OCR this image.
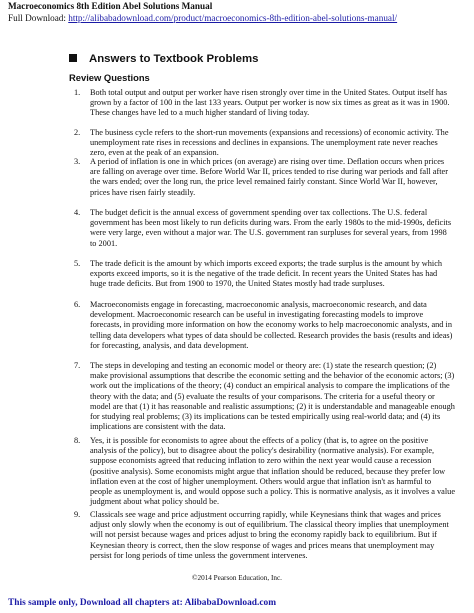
Macroeconomics 8th Edition Abel Solutions Manual
Full Download: http://alibabadownload.com/product/macroeconomics-8th-edition-abel-solutions-manual/
Answers to Textbook Problems
Review Questions
1. Both total output and output per worker have risen strongly over time in the United States. Output itself has grown by a factor of 100 in the last 133 years. Output per worker is now six times as great as it was in 1900. These changes have led to a much higher standard of living today.
2. The business cycle refers to the short-run movements (expansions and recessions) of economic activity. The unemployment rate rises in recessions and declines in expansions. The unemployment rate never reaches zero, even at the peak of an expansion.
3. A period of inflation is one in which prices (on average) are rising over time. Deflation occurs when prices are falling on average over time. Before World War II, prices tended to rise during war periods and fall after the wars ended; over the long run, the price level remained fairly constant. Since World War II, however, prices have risen fairly steadily.
4. The budget deficit is the annual excess of government spending over tax collections. The U.S. federal government has been most likely to run deficits during wars. From the early 1980s to the mid-1990s, deficits were very large, even without a major war. The U.S. government ran surpluses for several years, from 1998 to 2001.
5. The trade deficit is the amount by which imports exceed exports; the trade surplus is the amount by which exports exceed imports, so it is the negative of the trade deficit. In recent years the United States has had huge trade deficits. But from 1900 to 1970, the United States mostly had trade surpluses.
6. Macroeconomists engage in forecasting, macroeconomic analysis, macroeconomic research, and data development. Macroeconomic research can be useful in investigating forecasting models to improve forecasts, in providing more information on how the economy works to help macroeconomic analysts, and in telling data developers what types of data should be collected. Research provides the basis (results and ideas) for forecasting, analysis, and data development.
7. The steps in developing and testing an economic model or theory are: (1) state the research question; (2) make provisional assumptions that describe the economic setting and the behavior of the economic actors; (3) work out the implications of the theory; (4) conduct an empirical analysis to compare the implications of the theory with the data; and (5) evaluate the results of your comparisons. The criteria for a useful theory or model are that (1) it has reasonable and realistic assumptions; (2) it is understandable and manageable enough for studying real problems; (3) its implications can be tested empirically using real-world data; and (4) its implications are consistent with the data.
8. Yes, it is possible for economists to agree about the effects of a policy (that is, to agree on the positive analysis of the policy), but to disagree about the policy's desirability (normative analysis). For example, suppose economists agreed that reducing inflation to zero within the next year would cause a recession (positive analysis). Some economists might argue that inflation should be reduced, because they prefer low inflation even at the cost of higher unemployment. Others would argue that inflation isn't as harmful to people as unemployment is, and would oppose such a policy. This is normative analysis, as it involves a value judgment about what policy should be.
9. Classicals see wage and price adjustment occurring rapidly, while Keynesians think that wages and prices adjust only slowly when the economy is out of equilibrium. The classical theory implies that unemployment will not persist because wages and prices adjust to bring the economy rapidly back to equilibrium. But if Keynesian theory is correct, then the slow response of wages and prices means that unemployment may persist for long periods of time unless the government intervenes.
©2014 Pearson Education, Inc.
This sample only, Download all chapters at: AlibabaDownload.com
